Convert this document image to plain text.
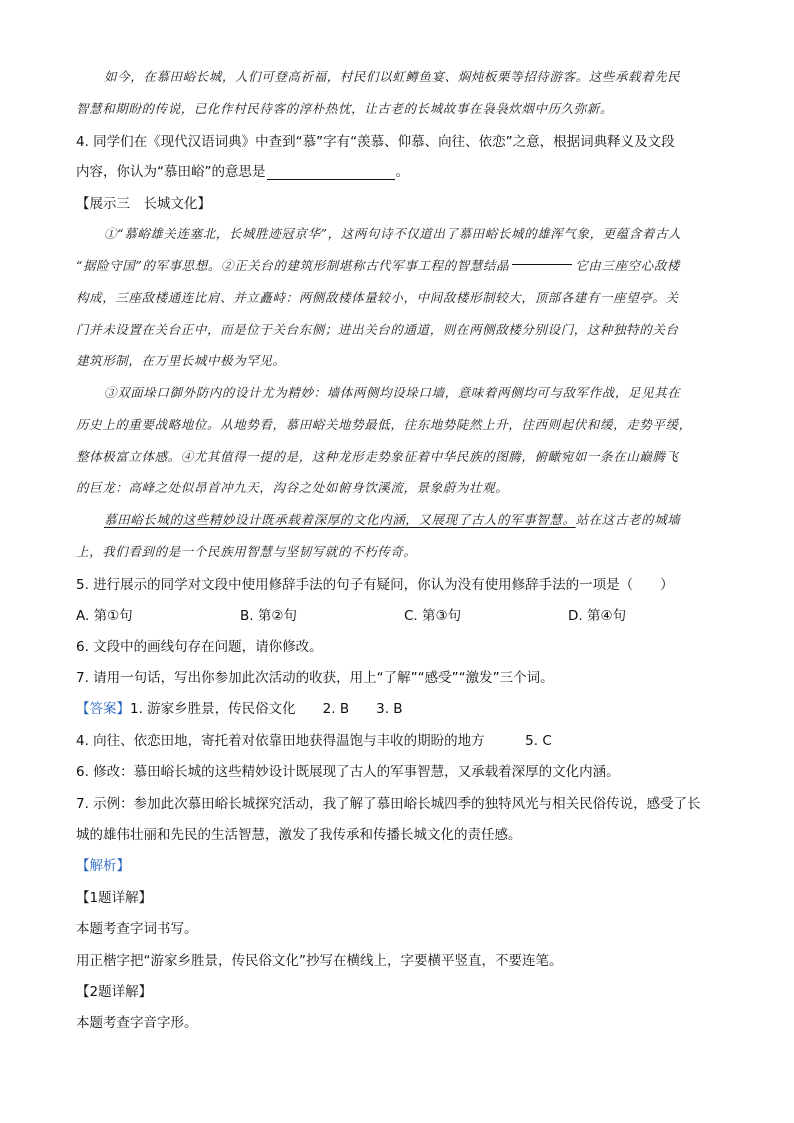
如今，在慕田峪长城，人们可登高祈福，村民们以虹鳟鱼宴、焖炖板栗等招待游客。这些承载着先民
智慧和期盼的传说，已化作村民待客的淳朴热忱，让古老的长城故事在袅袅炊烟中历久弥新。
4. 同学们在《现代汉语词典》中查到“慕”字有“羡慕、仰慕、向往、依恋”之意，根据词典释义及文段
内容，你认为“慕田峪”的意思是	。
【展示三　长城文化】
①“慕峪雄关连塞北，长城胜迹冠京华”，这两句诗不仅道出了慕田峪长城的雄浑气象，更蕴含着古人
“据险守国”的军事思想。②正关台的建筑形制堪称古代军事工程的智慧结晶	它由三座空心敌楼
构成，三座敌楼通连比肩、并立矗峙：两侧敌楼体量较小，中间敌楼形制较大，顶部各建有一座望亭。关
门并未设置在关台正中，而是位于关台东侧；进出关台的通道，则在两侧敌楼分别设门，这种独特的关台
建筑形制，在万里长城中极为罕见。
③双面垛口御外防内的设计尤为精妙：墙体两侧均设垛口墙，意味着两侧均可与敌军作战，足见其在
历史上的重要战略地位。从地势看，慕田峪关地势最低，往东地势陡然上升，往西则起伏和缓，走势平缓，
整体极富立体感。④尤其值得一提的是，这种龙形走势象征着中华民族的图腾，俯瞰宛如一条在山巅腾飞
的巨龙：高峰之处似昂首冲九天，沟谷之处如俯身饮溪流，景象蔚为壮观。
慕田峪长城的这些精妙设计既承载着深厚的文化内涵，又展现了古人的军事智慧。站在这古老的城墙
上，我们看到的是一个民族用智慧与坚韧写就的不朽传奇。
5. 进行展示的同学对文段中使用修辞手法的句子有疑问，你认为没有使用修辞手法的一项是（　　）
A. 第①句	B. 第②句	C. 第③句	D. 第④句
6. 文段中的画线句存在问题，请你修改。
7. 请用一句话，写出你参加此次活动的收获，用上“了解”“感受”“激发”三个词。
【答案】1. 游家乡胜景，传民俗文化　　2. B　　3. B
4. 向往、依恋田地，寄托着对依靠田地获得温饱与丰收的期盼的地方　　　5. C
6. 修改：慕田峪长城的这些精妙设计既展现了古人的军事智慧，又承载着深厚的文化内涵。
7. 示例：参加此次慕田峪长城探究活动，我了解了慕田峪长城四季的独特风光与相关民俗传说，感受了长
城的雄伟壮丽和先民的生活智慧，激发了我传承和传播长城文化的责任感。
【解析】
【1题详解】
本题考查字词书写。
用正楷字把“游家乡胜景，传民俗文化”抄写在横线上，字要横平竖直，不要连笔。
【2题详解】
本题考查字音字形。
